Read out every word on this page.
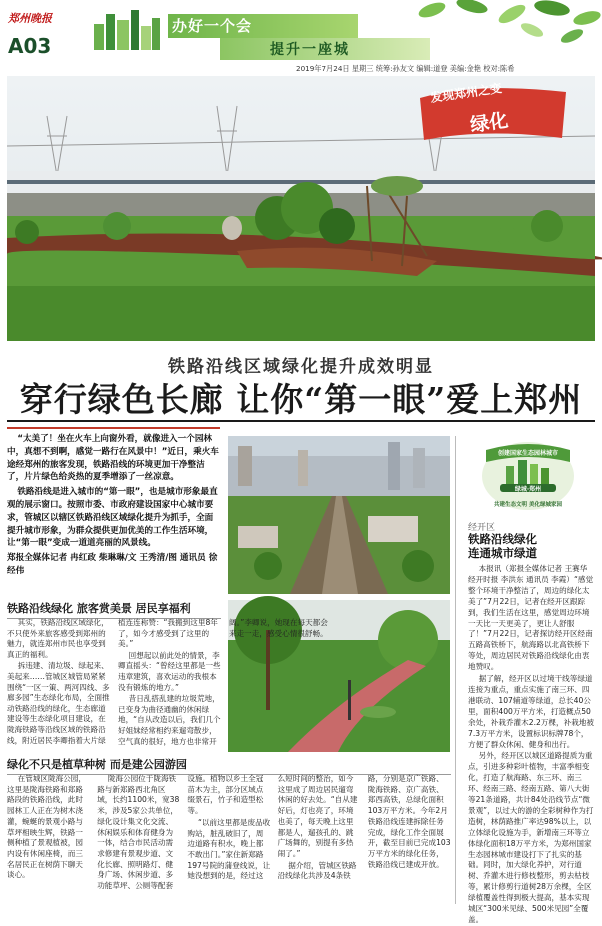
郑州晚报
A03
办好一个会
提升一座城
2019年7月24日 星期三 统筹:孙友文 编辑:道登 美编:金艳 校对:陈希
发现郑州之变
绿化
铁路沿线区域绿化提升成效明显
穿行绿色长廊 让你“第一眼”爱上郑州

“太美了！坐在火车上向窗外看，就像进入一个园林中，真想不到啊，感觉一路行在风景中！”近日，乘火车途经郑州的旅客发现，铁路沿线的环境更加干净整洁了，片片绿色给炎热的夏季增添了一丝凉意。

铁路沿线是进入城市的“第一眼”，也是城市形象最直观的展示窗口。按照市委、市政府建设国家中心城市要求，管城区以辖区铁路沿线区域绿化提升为抓手，全面提升城市形象，为群众提供更加优美的工作生活环境，让“第一眼”变成一道道亮丽的风景线。

郑报全媒体记者 冉红政 柴琳琳/文 王秀清/图 通讯员 徐经伟

铁路沿线绿化 旅客赏美景 居民享福利

其实，铁路沿线区域绿化，不只使外来旅客感受到郑州的魅力，就连郑州市民也享受到真正的福利。

拆违建、清垃圾、绿起来、美起来……管城区城管局紧紧围绕“一区一策、两河四线、多廊多园”生态绿化布局，全面推动铁路沿线的绿化，生态廊道建设等生态绿化项目建设，在陇海铁路等沿线区域的铁路沿线，附近居民李卿指着大片绿植连连称赞：“我搬到这里8年了，如今才感受到了这里的美。”

回想起以前此处的情景，李卿直摇头：“曾经这里都是一些违章建筑，喜欢运动的我根本没有锻炼的地方。”

昔日乱搭乱建的垃圾荒地，已变身为曲径通幽的休闲绿地，“自从改造以后，我们几个好姐妹经常相约来遛弯散步，空气真的很好，地方也非常开阔。”李卿说，她现在每天都会来走一走，感受心情很舒畅。

绿化不只是植草种树 而是建公园游园

在管城区陇海公园，这里是陇海铁路和郑路路段的铁路沿线，此时园林工人正在为树木浇灌，蜿蜒的景观小路与草坪相映生辉，铁路一侧种植了景观植被，园内设有休闲座椅，而三名居民正在树荫下聊天谈心。

陇海公园位于陇海铁路与新郑路西北角区域，长约1100米，宽38米，涉及5家公共单位，绿化设计集文化交流、休闲娱乐和体育健身为一体，结合市民活动需求修建有景观步道、文化长廊、照明路灯、健身广场、休闲步道、多功能草坪、公厕等配套设施。植物以乡土全冠苗木为主，部分区域点缀景石，竹子和造型松等。

“以前这里都是废品收购站，脏乱破旧了，周边道路有积水，晚上都不敢出门。”家住新郑路197号院的蒲登线说，让她没想到的是，经过这么短时间的整治，如今这里成了周边居民遛弯休闲的好去处。“自从建好后，灯也亮了，环境也美了，每天晚上这里都是人，遛孩孔的、跳广场舞的，别提有多热闹了。”

据介绍，管城区铁路沿线绿化共涉及4条铁路，分别是京广铁路、陇海铁路、京广高铁、郑西高铁，总绿化面积103万平方米。今年2月铁路沿线连建拆除任务完成，绿化工作全面展开，截至目前已完成103万平方米的绿化任务，铁路沿线已建成开放。

绿城·郑州
创建国家生态园林城市
共建生态文明 美化绿城家园
经开区
铁路沿线绿化
连通城市绿道

本报讯（郑报全媒体记者 王赛华 经开时报 李洪东 通讯员 李霞）“感觉整个环境干净整洁了，周边的绿化太美了”7月22日，记者在经开区跟踪到，我们生活在这里，感觉周边环境一天比一天更美了，更让人舒服了！”7月22日，记者探访经开区经南五路高铁桥下，航海路以北高铁桥下等处，周边居民对铁路沿线绿化由衷地赞叹。

据了解，经开区以过境干线等绿道连接为重点，重点实施了南三环、四港联动、107辅道等绿道，总长40公里，面积400万平方米，打造概点50余处，补栽乔灌木2.2万棵，补栽地被7.3万平方米，设置标识标牌78个，方便了群众休闲、健身和出行。

另外，经开区以城区道路提质为重点，引进多种彩叶植物，丰富季相变化，打造了航海路、东三环、南三环、经南三路、经南五路、第八大街等21条道路，共计84处沿线节点“微景观”，以过大的游的全彩树种作为打造树，林荫路推广率达98%以上，以立体绿化设施为手，新增南三环等立体绿化面积18万平方米，为郑州国家生态园林城市建设打下了扎实的基础。同时，加大绿化养护，对行道树、乔灌木进行修枝整形，剪去枯枝等，累计修剪行道树28万余棵，全区绿植覆盖性得到极大提高，基本实现城区“300米见绿、500米见园”全覆盖。
